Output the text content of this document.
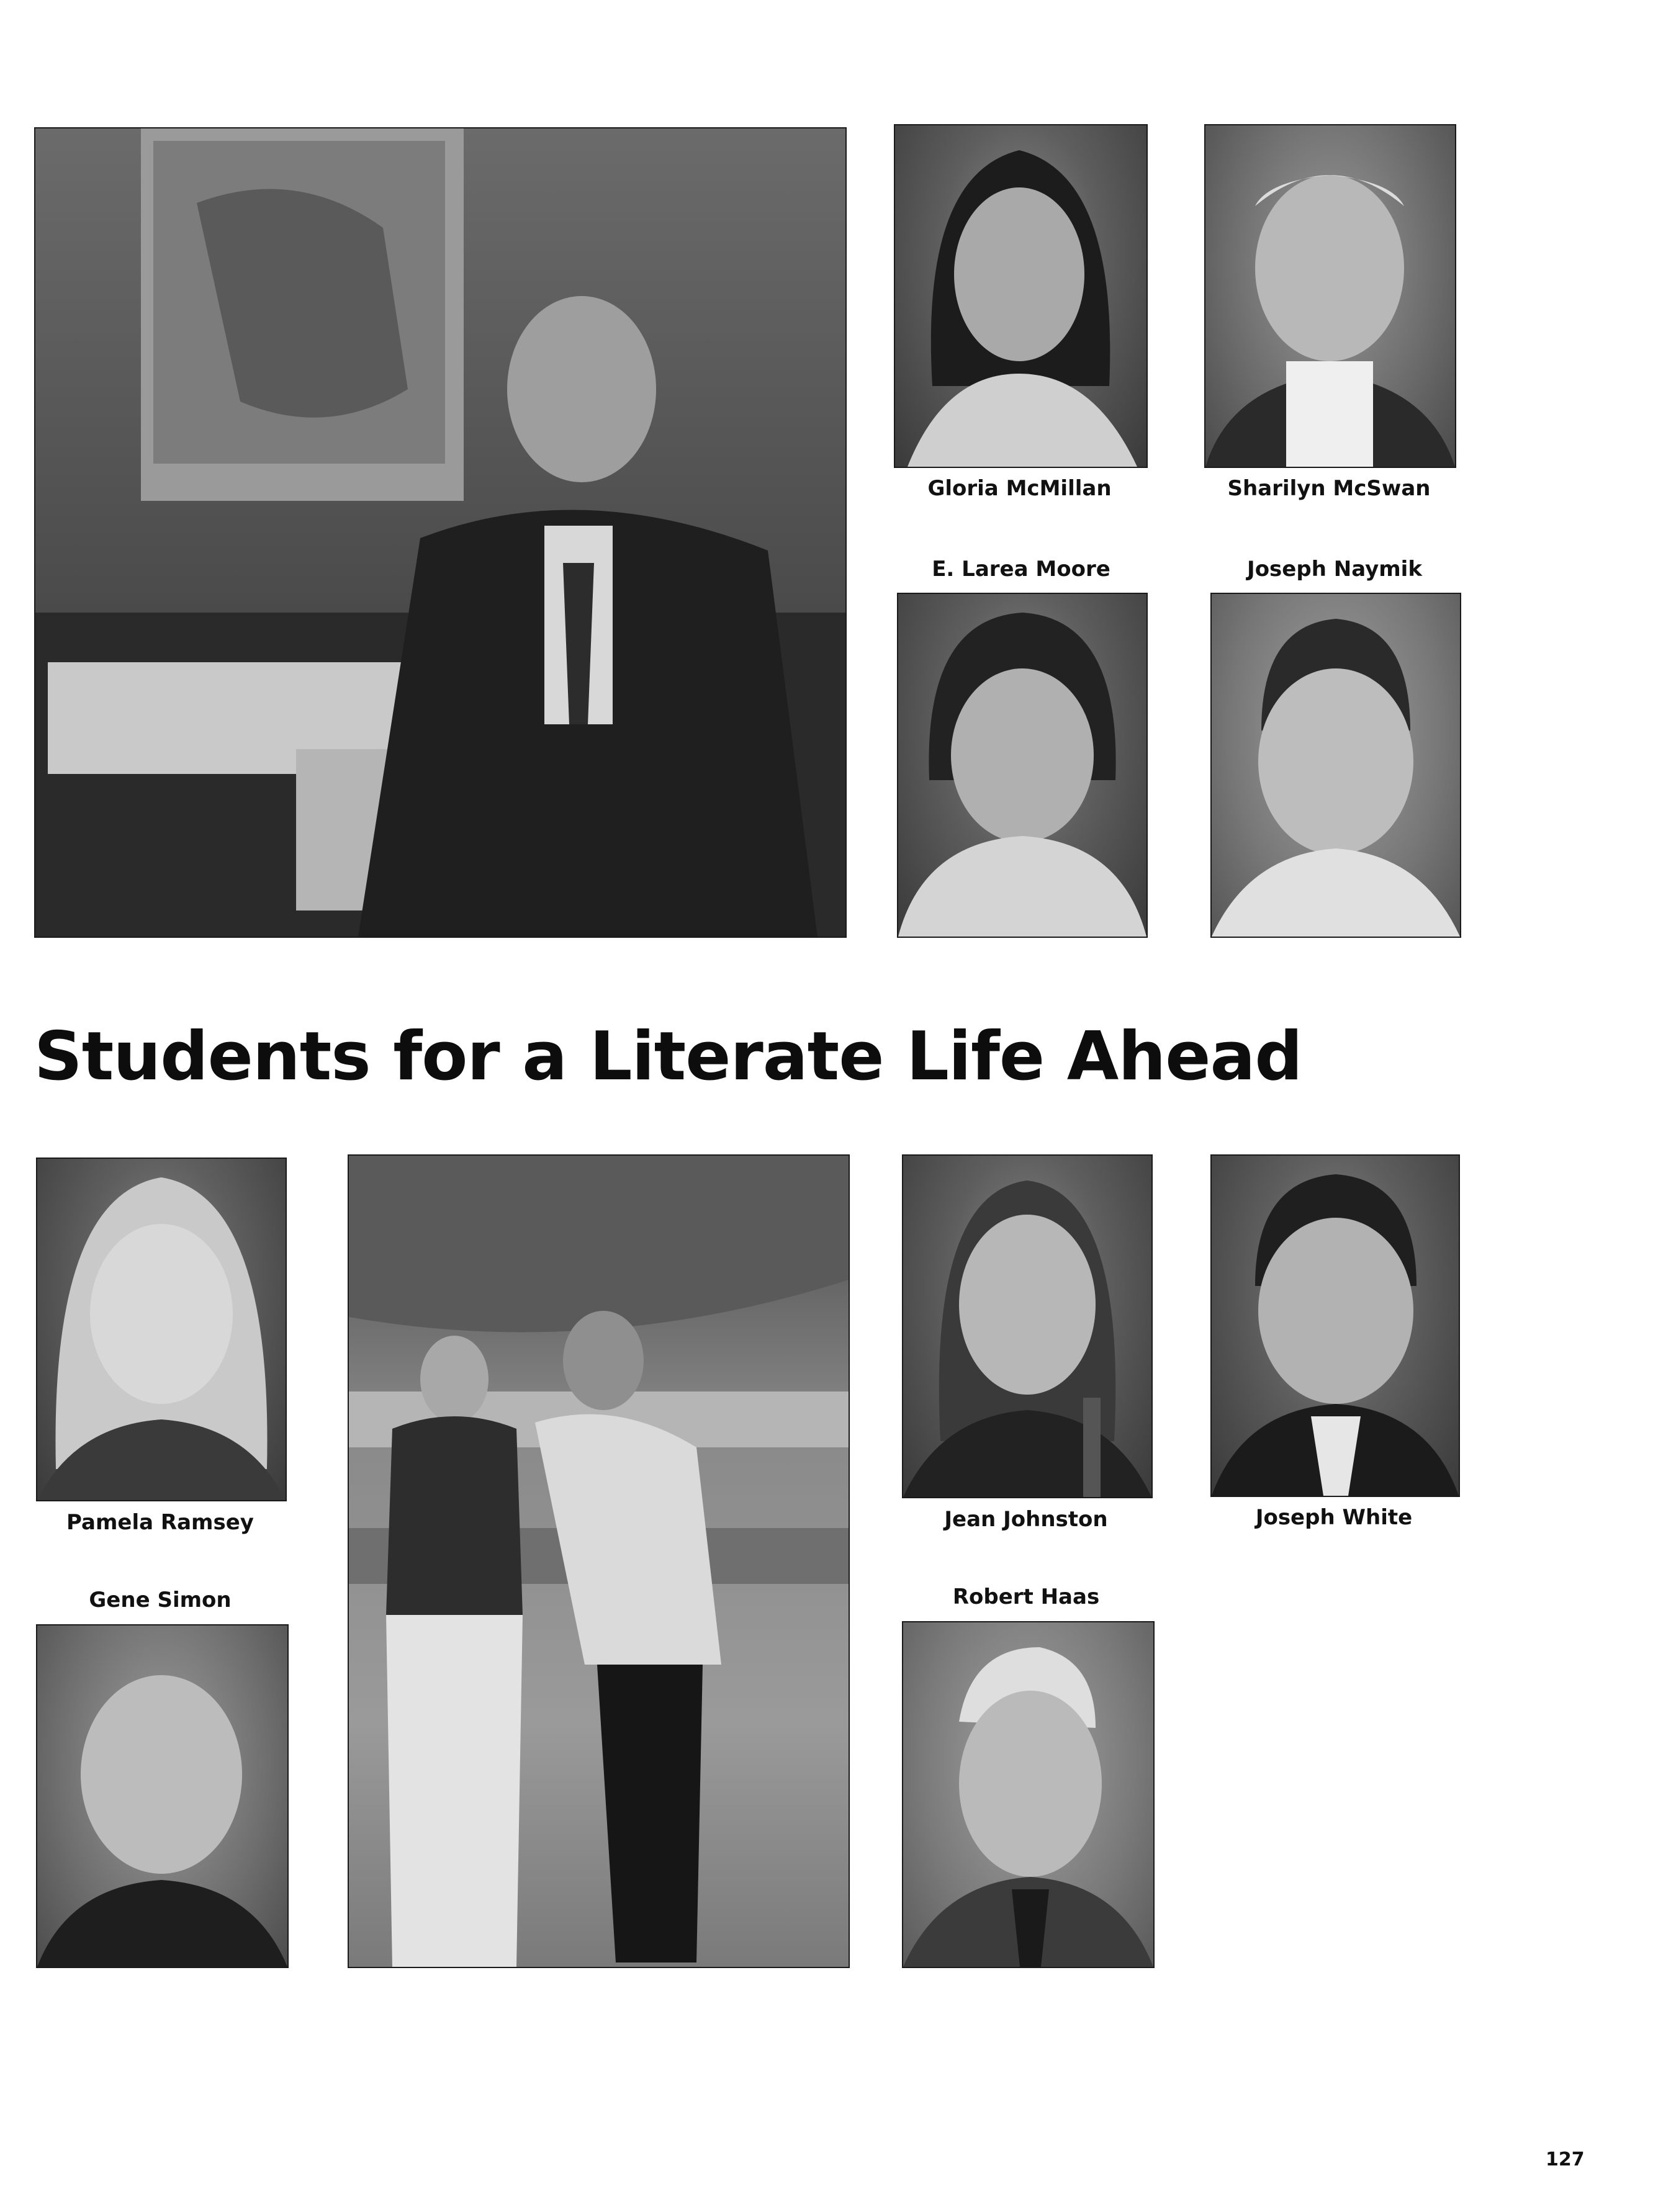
Gloria McMillan	Sharilyn McSwan
E. Larea Moore	Joseph Naymik
Students for a Literate Life Ahead
Pamela Ramsey
Gene Simon
Jean Johnston	Joseph White
Robert Haas
127
